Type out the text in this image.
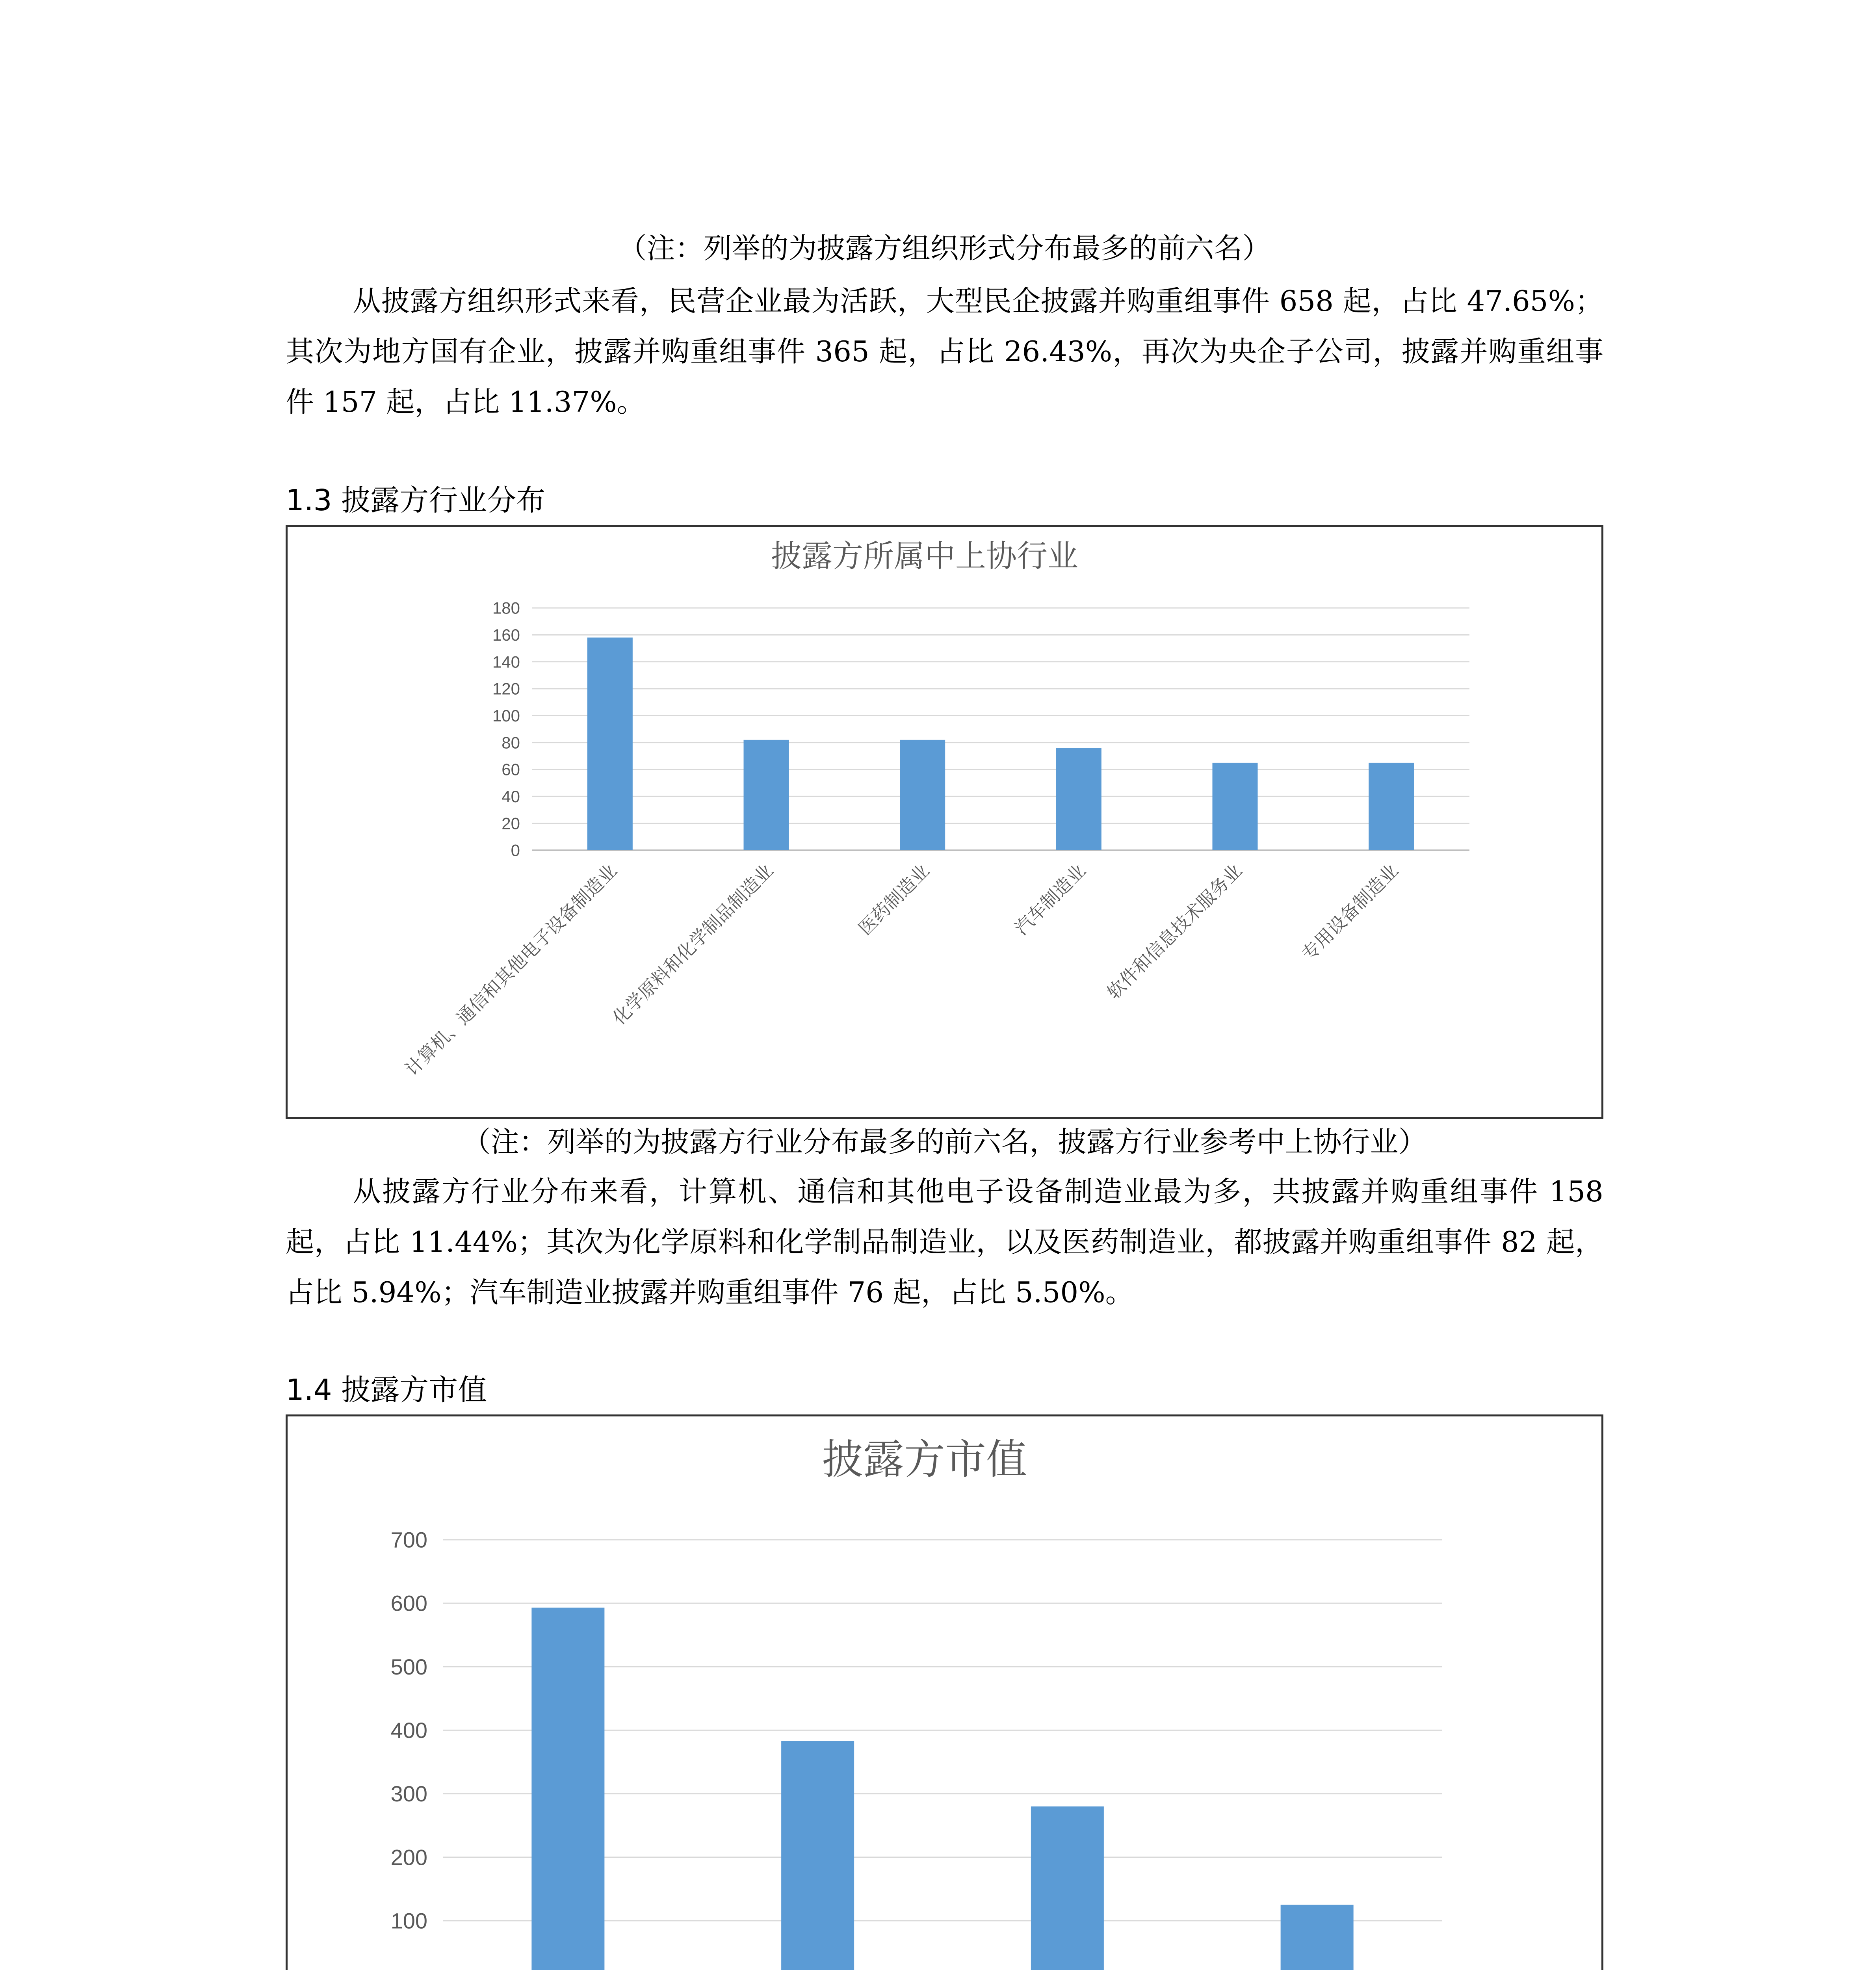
（注：列举的为披露方组织形式分布最多的前六名）

从披露方组织形式来看，民营企业最为活跃，大型民企披露并购重组事件 658 起，占比 47.65%；其次为地方国有企业，披露并购重组事件 365 起，占比 26.43%，再次为央企子公司，披露并购重组事件 157 起，占比 11.37%。

1.3 披露方行业分布

披露方所属中上协行业
0
20
40
60
80
100
120
140
160
180
计算机、通信和其他电子设备制造业
化学原料和化学制品制造业	医药制造业	汽车制造业 软件和信息技术服务业	专用设备制造业

（注：列举的为披露方行业分布最多的前六名，披露方行业参考中上协行业）

从披露方行业分布来看，计算机、通信和其他电子设备制造业最为多，共披露并购重组事件 158 起，占比 11.44%；其次为化学原料和化学制品制造业，以及医药制造业，都披露并购重组事件 82 起，占比 5.94%；汽车制造业披露并购重组事件 76 起，占比 5.50%。

1.4 披露方市值

披露方市值
100
200
300
400
500
600
700
